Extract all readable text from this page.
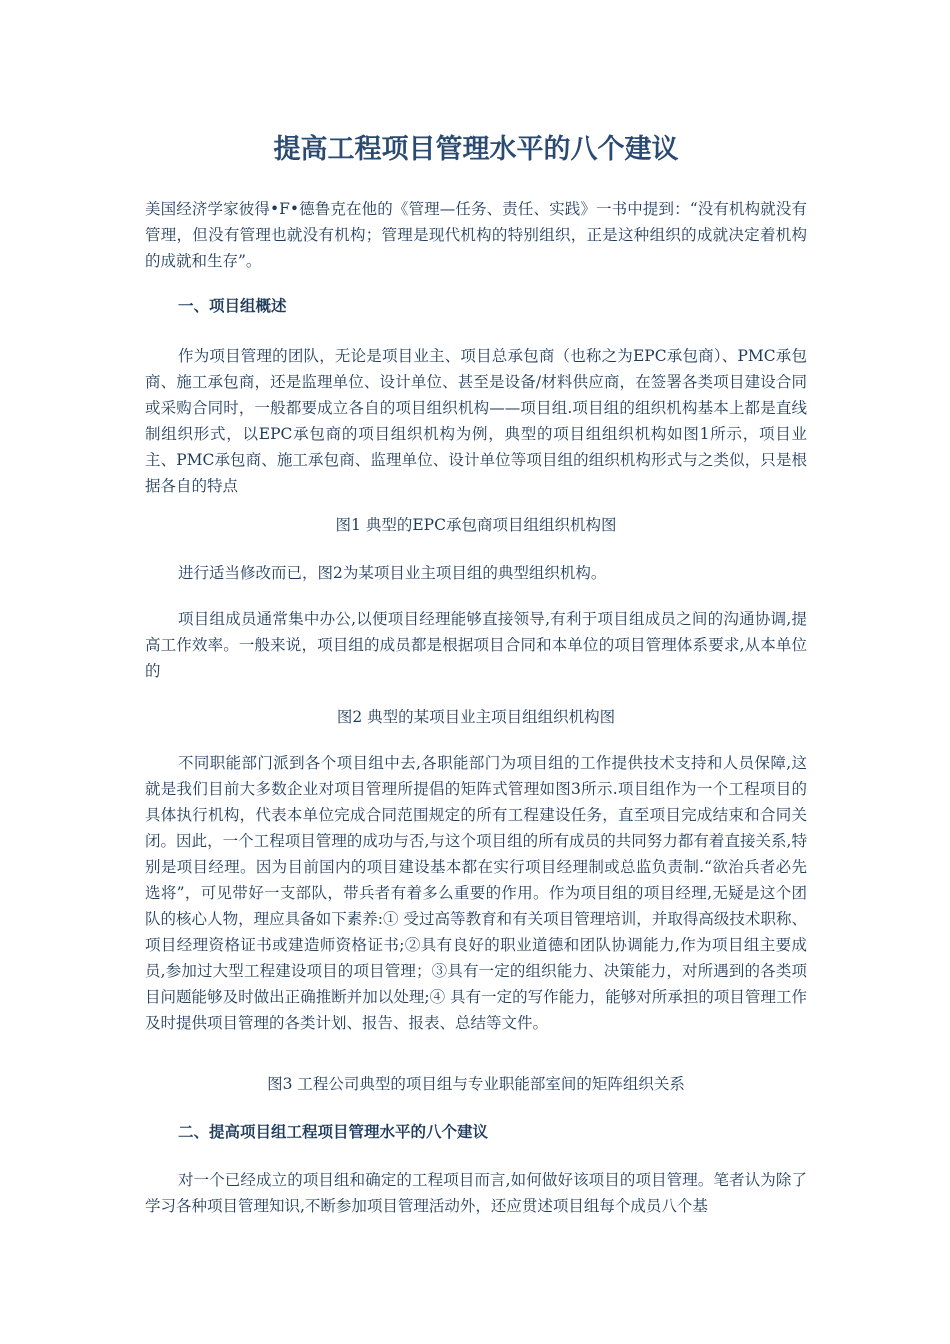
提高工程项目管理水平的八个建议

美国经济学家彼得•F•德鲁克在他的《管理—任务、责任、实践》一书中提到：“没有机构就没有管理，但没有管理也就没有机构；管理是现代机构的特别组织，正是这种组织的成就决定着机构的成就和生存”。

一、项目组概述

作为项目管理的团队，无论是项目业主、项目总承包商（也称之为EPC承包商）、PMC承包商、施工承包商，还是监理单位、设计单位、甚至是设备/材料供应商，在签署各类项目建设合同或采购合同时，一般都要成立各自的项目组织机构——项目组.项目组的组织机构基本上都是直线制组织形式，以EPC承包商的项目组织机构为例，典型的项目组组织机构如图1所示，项目业主、PMC承包商、施工承包商、监理单位、设计单位等项目组的组织机构形式与之类似，只是根据各自的特点

图1 典型的EPC承包商项目组组织机构图

进行适当修改而已，图2为某项目业主项目组的典型组织机构。

项目组成员通常集中办公,以便项目经理能够直接领导,有利于项目组成员之间的沟通协调,提高工作效率。一般来说，项目组的成员都是根据项目合同和本单位的项目管理体系要求,从本单位的

图2 典型的某项目业主项目组组织机构图

不同职能部门派到各个项目组中去,各职能部门为项目组的工作提供技术支持和人员保障,这就是我们目前大多数企业对项目管理所提倡的矩阵式管理如图3所示.项目组作为一个工程项目的具体执行机构，代表本单位完成合同范围规定的所有工程建设任务，直至项目完成结束和合同关闭。因此，一个工程项目管理的成功与否,与这个项目组的所有成员的共同努力都有着直接关系,特别是项目经理。因为目前国内的项目建设基本都在实行项目经理制或总监负责制.“欲治兵者必先选将”，可见带好一支部队，带兵者有着多么重要的作用。作为项目组的项目经理,无疑是这个团队的核心人物，理应具备如下素养:① 受过高等教育和有关项目管理培训，并取得高级技术职称、项目经理资格证书或建造师资格证书;②具有良好的职业道德和团队协调能力,作为项目组主要成员,参加过大型工程建设项目的项目管理；③具有一定的组织能力、决策能力，对所遇到的各类项目问题能够及时做出正确推断并加以处理;④ 具有一定的写作能力，能够对所承担的项目管理工作及时提供项目管理的各类计划、报告、报表、总结等文件。

图3 工程公司典型的项目组与专业职能部室间的矩阵组织关系

二、提高项目组工程项目管理水平的八个建议

对一个已经成立的项目组和确定的工程项目而言,如何做好该项目的项目管理。笔者认为除了学习各种项目管理知识,不断参加项目管理活动外，还应贯述项目组每个成员八个基
